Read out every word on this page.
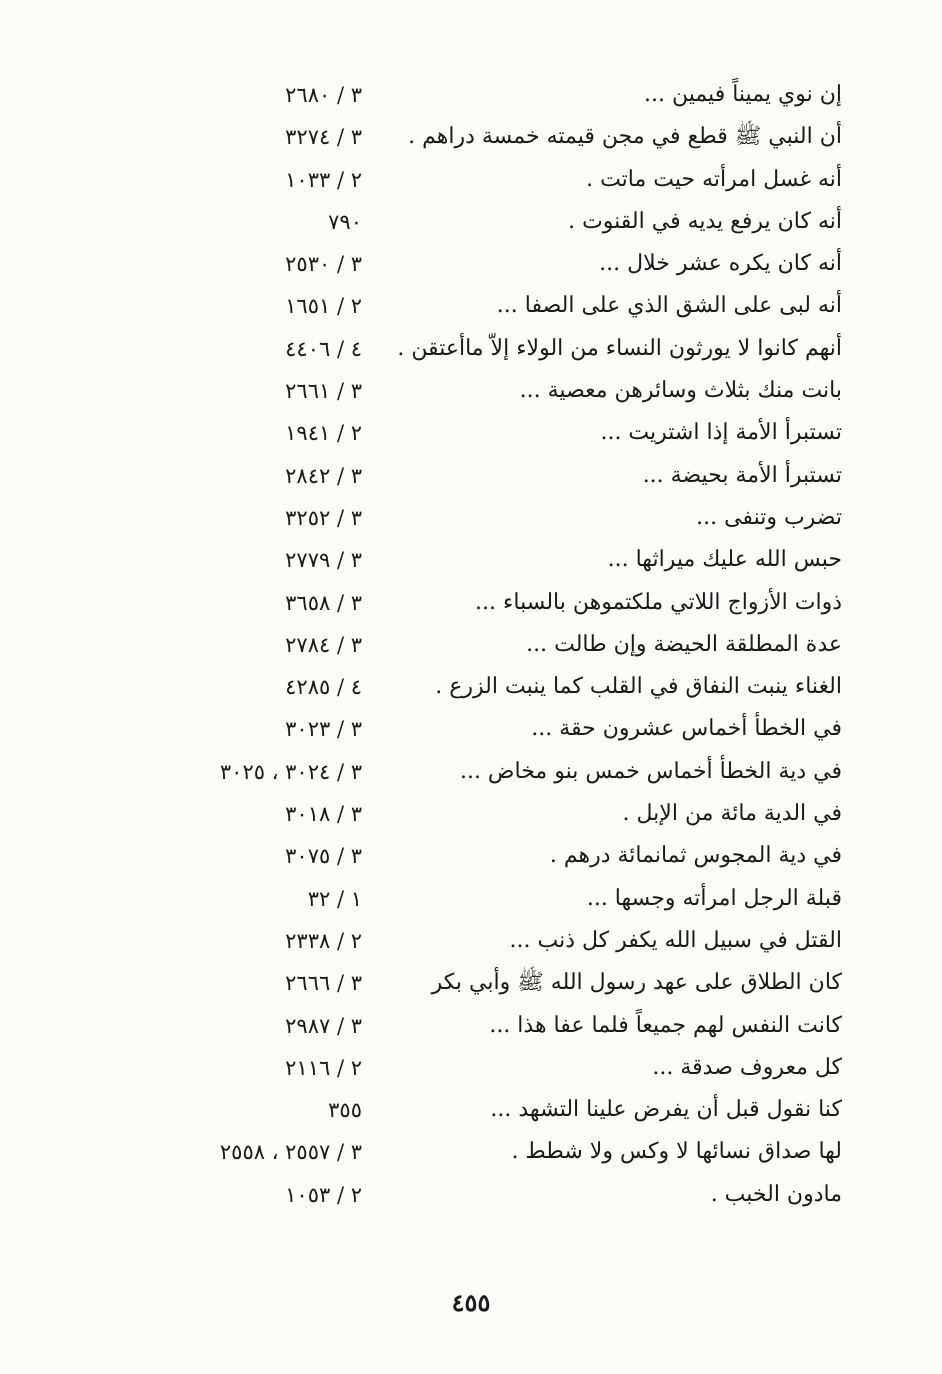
إن نوي يميناً فيمين ...
٣ / ٢٦٨٠
أن النبي ﷺ قطع في مجن قيمته خمسة دراهم .
٣ / ٣٢٧٤
أنه غسل امرأته حيت ماتت .
٢ / ١٠٣٣
أنه كان يرفع يديه في القنوت .
٧٩٠
أنه كان يكره عشر خلال ...
٣ / ٢٥٣٠
أنه لبى على الشق الذي على الصفا ...
٢ / ١٦٥١
أنهم كانوا لا يورثون النساء من الولاء إلاّ ماأعتقن .
٤ / ٤٤٠٦
بانت منك بثلاث وسائرهن معصية ...
٣ / ٢٦٦١
تستبرأ الأمة إذا اشتريت ...
٢ / ١٩٤١
تستبرأ الأمة بحيضة ...
٣ / ٢٨٤٢
تضرب وتنفى ...
٣ / ٣٢٥٢
حبس الله عليك ميراثها ...
٣ / ٢٧٧٩
ذوات الأزواج اللاتي ملكتموهن بالسباء ...
٣ / ٣٦٥٨
عدة المطلقة الحيضة وإن طالت ...
٣ / ٢٧٨٤
الغناء ينبت النفاق في القلب كما ينبت الزرع .
٤ / ٤٢٨٥
في الخطأ أخماس عشرون حقة ...
٣ / ٣٠٢٣
في دية الخطأ أخماس خمس بنو مخاض ...
٣ / ٣٠٢٤ ، ٣٠٢٥
في الدية مائة من الإبل .
٣ / ٣٠١٨
في دية المجوس ثمانمائة درهم .
٣ / ٣٠٧٥
قبلة الرجل امرأته وجسها ...
١ / ٣٢
القتل في سبيل الله يكفر كل ذنب ...
٢ / ٢٣٣٨
كان الطلاق على عهد رسول الله ﷺ وأبي بكر
٣ / ٢٦٦٦
كانت النفس لهم جميعاً فلما عفا هذا ...
٣ / ٢٩٨٧
كل معروف صدقة ...
٢ / ٢١١٦
كنا نقول قبل أن يفرض علينا التشهد ...
٣٥٥
لها صداق نسائها لا وكس ولا شطط .
٣ / ٢٥٥٧ ، ٢٥٥٨
مادون الخبب .
٢ / ١٠٥٣
٤٥٥
